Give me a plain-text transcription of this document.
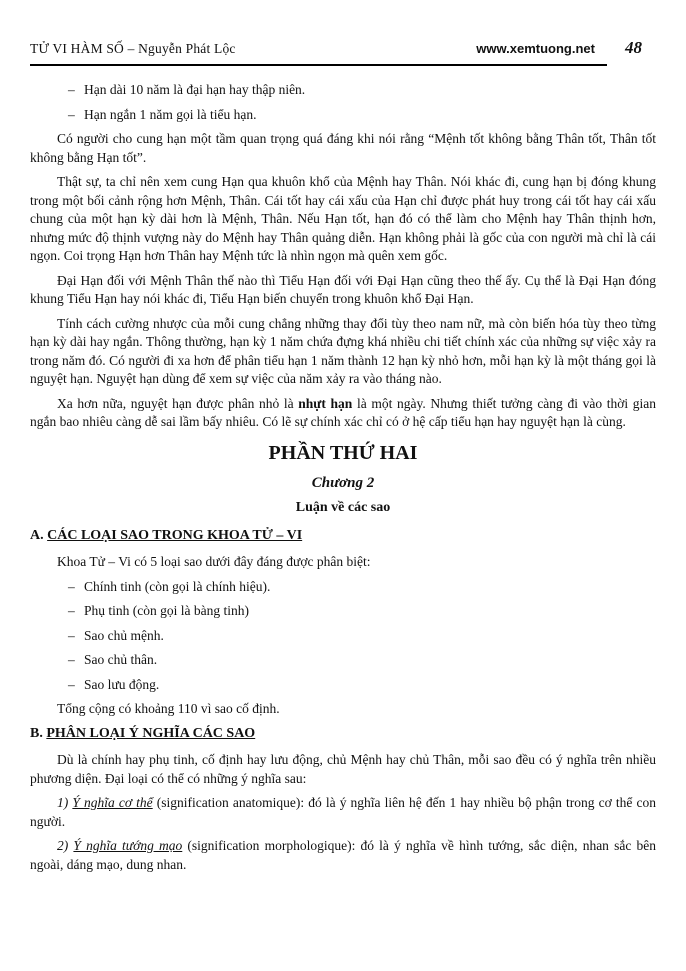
TỬ VI HÀM SỐ – Nguyễn Phát Lộc	www.xemtuong.net	48
– Hạn dài 10 năm là đại hạn hay thập niên.
– Hạn ngắn 1 năm gọi là tiểu hạn.
Có người cho cung hạn một tầm quan trọng quá đáng khi nói rằng “Mệnh tốt không bằng Thân tốt, Thân tốt không bằng Hạn tốt”.
Thật sự, ta chỉ nên xem cung Hạn qua khuôn khổ của Mệnh hay Thân. Nói khác đi, cung hạn bị đóng khung trong một bối cảnh rộng hơn Mệnh, Thân. Cái tốt hay cái xấu của Hạn chỉ được phát huy trong cái tốt hay cái xấu chung của một hạn kỳ dài hơn là Mệnh, Thân. Nếu Hạn tốt, hạn đó có thể làm cho Mệnh hay Thân thịnh hơn, nhưng mức độ thịnh vượng này do Mệnh hay Thân quảng diễn. Hạn không phải là gốc của con người mà chỉ là cái ngọn. Coi trọng Hạn hơn Thân hay Mệnh tức là nhìn ngọn mà quên xem gốc.
Đại Hạn đối với Mệnh Thân thế nào thì Tiểu Hạn đối với Đại Hạn cũng theo thế ấy. Cụ thể là Đại Hạn đóng khung Tiểu Hạn hay nói khác đi, Tiểu Hạn biến chuyển trong khuôn khổ Đại Hạn.
Tính cách cường nhược của mỗi cung chẳng những thay đổi tùy theo nam nữ, mà còn biến hóa tùy theo từng hạn kỳ dài hay ngắn. Thông thường, hạn kỳ 1 năm chứa đựng khá nhiều chi tiết chính xác của những sự việc xảy ra trong năm đó. Có người đi xa hơn để phân tiểu hạn 1 năm thành 12 hạn kỳ nhỏ hơn, mỗi hạn kỳ là một tháng gọi là nguyệt hạn. Nguyệt hạn dùng để xem sự việc của năm xảy ra vào tháng nào.
Xa hơn nữa, nguyệt hạn được phân nhỏ là nhựt hạn là một ngày. Nhưng thiết tưởng càng đi vào thời gian ngắn bao nhiêu càng dễ sai lầm bấy nhiêu. Có lẽ sự chính xác chỉ có ở hệ cấp tiểu hạn hay nguyệt hạn là cùng.
PHẦN THỨ HAI
Chương 2
Luận về các sao
A. CÁC LOẠI SAO TRONG KHOA TỬ – VI
Khoa Tử – Vi có 5 loại sao dưới đây đáng được phân biệt:
– Chính tinh (còn gọi là chính hiệu).
– Phụ tinh (còn gọi là bàng tinh)
– Sao chủ mệnh.
– Sao chủ thân.
– Sao lưu động.
Tổng cộng có khoảng 110 vì sao cố định.
B. PHÂN LOẠI Ý NGHĨA CÁC SAO
Dù là chính hay phụ tinh, cố định hay lưu động, chủ Mệnh hay chủ Thân, mỗi sao đều có ý nghĩa trên nhiều phương diện. Đại loại có thể có những ý nghĩa sau:
1) Ý nghĩa cơ thể (signification anatomique): đó là ý nghĩa liên hệ đến 1 hay nhiều bộ phận trong cơ thể con người.
2) Ý nghĩa tướng mạo (signification morphologique): đó là ý nghĩa về hình tướng, sắc diện, nhan sắc bên ngoài, dáng mạo, dung nhan.
